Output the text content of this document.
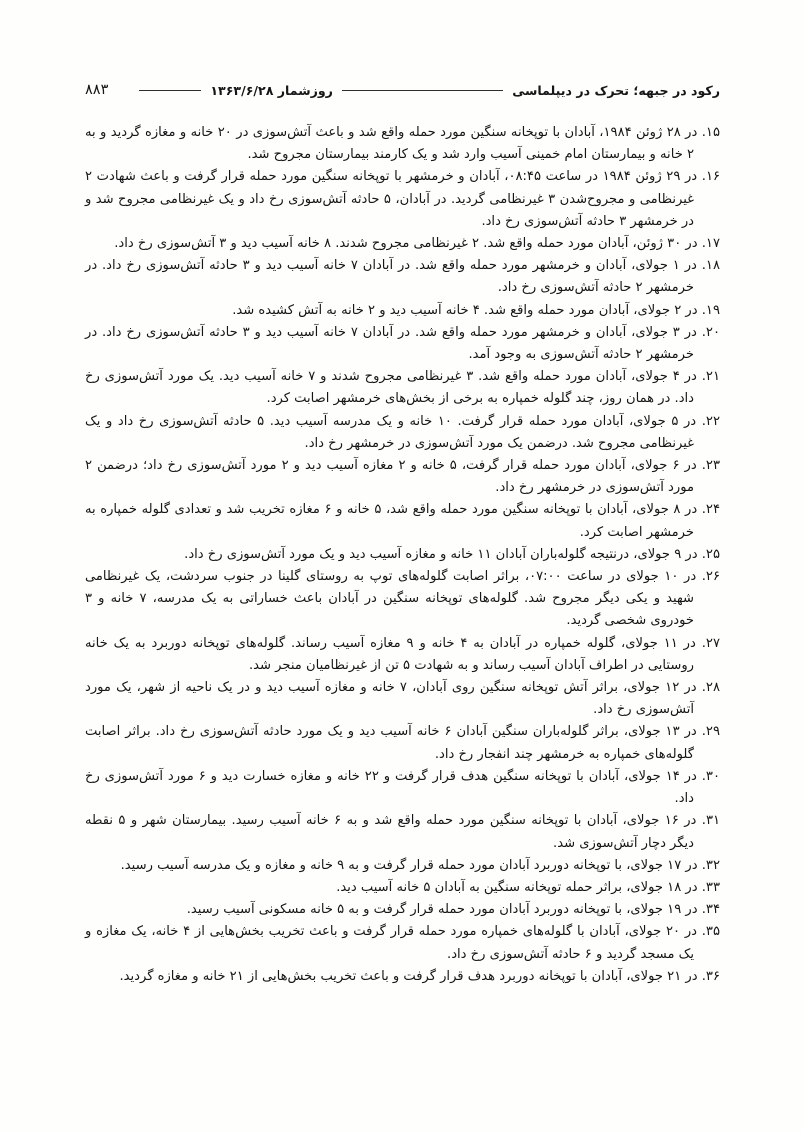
رکود در جبهه؛ تحرک در دیپلماسی
روزشمار ۱۳۶۳/۶/۲۸
۸۸۳

۱۵. در ۲۸ ژوئن ۱۹۸۴، آبادان با توپخانه سنگین مورد حمله واقع شد و باعث آتش‌سوزی در ۲۰ خانه و مغازه گردید و به ۲ خانه و بیمارستان امام خمینی آسیب وارد شد و یک کارمند بیمارستان مجروح شد.

۱۶. در ۲۹ ژوئن ۱۹۸۴ در ساعت ۰۸:۴۵، آبادان و خرمشهر با توپخانه سنگین مورد حمله قرار گرفت و باعث شهادت ۲ غیرنظامی و مجروح‌شدن ۳ غیرنظامی گردید. در آبادان، ۵ حادثه آتش‌سوزی رخ داد و یک غیرنظامی مجروح شد و در خرمشهر ۳ حادثه آتش‌سوزی رخ داد.

۱۷. در ۳۰ ژوئن، آبادان مورد حمله واقع شد. ۲ غیرنظامی مجروح شدند. ۸ خانه آسیب دید و ۳ آتش‌سوزی رخ داد.

۱۸. در ۱ جولای، آبادان و خرمشهر مورد حمله واقع شد. در آبادان ۷ خانه آسیب دید و ۳ حادثه آتش‌سوزی رخ داد. در خرمشهر ۲ حادثه آتش‌سوزی رخ داد.

۱۹. در ۲ جولای، آبادان مورد حمله واقع شد. ۴ خانه آسیب دید و ۲ خانه به آتش کشیده شد.

۲۰. در ۳ جولای، آبادان و خرمشهر مورد حمله واقع شد. در آبادان ۷ خانه آسیب دید و ۳ حادثه آتش‌سوزی رخ داد. در خرمشهر ۲ حادثه آتش‌سوزی به وجود آمد.

۲۱. در ۴ جولای، آبادان مورد حمله واقع شد. ۳ غیرنظامی مجروح شدند و ۷ خانه آسیب دید. یک مورد آتش‌سوزی رخ داد. در همان روز، چند گلوله خمپاره به برخی از بخش‌های خرمشهر اصابت کرد.

۲۲. در ۵ جولای، آبادان مورد حمله قرار گرفت. ۱۰ خانه و یک مدرسه آسیب دید. ۵ حادثه آتش‌سوزی رخ داد و یک غیرنظامی مجروح شد. درضمن یک مورد آتش‌سوزی در خرمشهر رخ داد.

۲۳. در ۶ جولای، آبادان مورد حمله قرار گرفت، ۵ خانه و ۲ مغازه آسیب دید و ۲ مورد آتش‌سوزی رخ داد؛ درضمن ۲ مورد آتش‌سوزی در خرمشهر رخ داد.

۲۴. در ۸ جولای، آبادان با توپخانه سنگین مورد حمله واقع شد، ۵ خانه و ۶ مغازه تخریب شد و تعدادی گلوله خمپاره به خرمشهر اصابت کرد.

۲۵. در ۹ جولای، درنتیجه گلوله‌باران آبادان ۱۱ خانه و مغازه آسیب دید و یک مورد آتش‌سوزی رخ داد.

۲۶. در ۱۰ جولای در ساعت ۰۷:۰۰، براثر اصابت گلوله‌های توپ به روستای گلینا در جنوب سردشت، یک غیرنظامی شهید و یکی دیگر مجروح شد. گلوله‌های توپخانه سنگین در آبادان باعث خساراتی به یک مدرسه، ۷ خانه و ۳ خودروی شخصی گردید.

۲۷. در ۱۱ جولای، گلوله خمپاره در آبادان به ۴ خانه و ۹ مغازه آسیب رساند. گلوله‌های توپخانه دوربرد به یک خانه روستایی در اطراف آبادان آسیب رساند و به شهادت ۵ تن از غیرنظامیان منجر شد.

۲۸. در ۱۲ جولای، براثر آتش توپخانه سنگین روی آبادان، ۷ خانه و مغازه آسیب دید و در یک ناحیه از شهر، یک مورد آتش‌سوزی رخ داد.

۲۹. در ۱۳ جولای، براثر گلوله‌باران سنگین آبادان ۶ خانه آسیب دید و یک مورد حادثه آتش‌سوزی رخ داد. براثر اصابت گلوله‌های خمپاره به خرمشهر چند انفجار رخ داد.

۳۰. در ۱۴ جولای، آبادان با توپخانه سنگین هدف قرار گرفت و ۲۲ خانه و مغازه خسارت دید و ۶ مورد آتش‌سوزی رخ داد.

۳۱. در ۱۶ جولای، آبادان با توپخانه سنگین مورد حمله واقع شد و به ۶ خانه آسیب رسید. بیمارستان شهر و ۵ نقطه دیگر دچار آتش‌سوزی شد.

۳۲. در ۱۷ جولای، با توپخانه دوربرد آبادان مورد حمله قرار گرفت و به ۹ خانه و مغازه و یک مدرسه آسیب رسید.

۳۳. در ۱۸ جولای، براثر حمله توپخانه سنگین به آبادان ۵ خانه آسیب دید.

۳۴. در ۱۹ جولای، با توپخانه دوربرد آبادان مورد حمله قرار گرفت و به ۵ خانه مسکونی آسیب رسید.

۳۵. در ۲۰ جولای، آبادان با گلوله‌های خمپاره مورد حمله قرار گرفت و باعث تخریب بخش‌هایی از ۴ خانه، یک مغازه و یک مسجد گردید و ۶ حادثه آتش‌سوزی رخ داد.

۳۶. در ۲۱ جولای، آبادان با توپخانه دوربرد هدف قرار گرفت و باعث تخریب بخش‌هایی از ۲۱ خانه و مغازه گردید.
